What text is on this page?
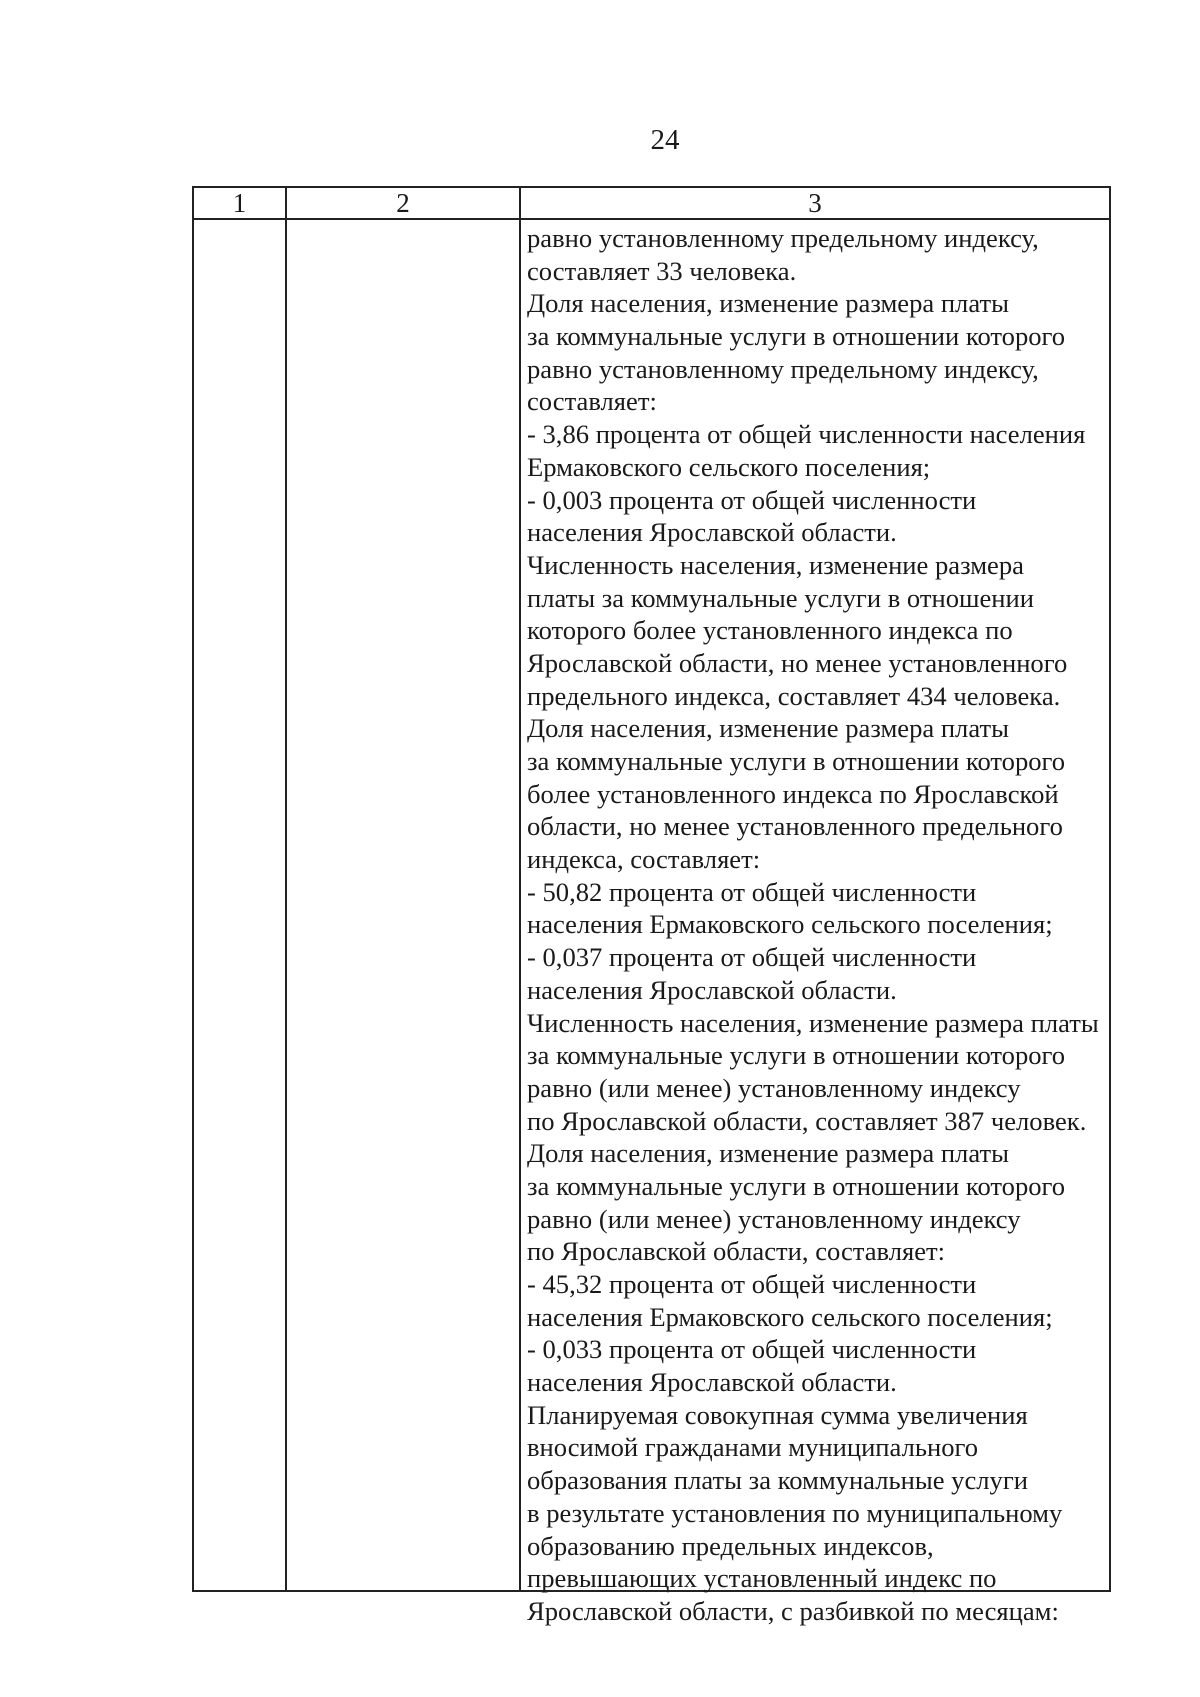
24
1	2	3
равно установленному предельному индексу,
составляет 33 человека.
Доля населения, изменение размера платы
за коммунальные услуги в отношении которого
равно установленному предельному индексу,
составляет:
- 3,86 процента от общей численности населения
Ермаковского сельского поселения;
- 0,003 процента от общей численности
населения Ярославской области.
Численность населения, изменение размера
платы за коммунальные услуги в отношении
которого более установленного индекса по
Ярославской области, но менее установленного
предельного индекса, составляет 434 человека.
Доля населения, изменение размера платы
за коммунальные услуги в отношении которого
более установленного индекса по Ярославской
области, но менее установленного предельного
индекса, составляет:
- 50,82 процента от общей численности
населения Ермаковского сельского поселения;
- 0,037 процента от общей численности
населения Ярославской области.
Численность населения, изменение размера платы
за коммунальные услуги в отношении которого
равно (или менее) установленному индексу
по Ярославской области, составляет 387 человек.
Доля населения, изменение размера платы
за коммунальные услуги в отношении которого
равно (или менее) установленному индексу
по Ярославской области, составляет:
- 45,32 процента от общей численности
населения Ермаковского сельского поселения;
- 0,033 процента от общей численности
населения Ярославской области.
Планируемая совокупная сумма увеличения
вносимой гражданами муниципального
образования платы за коммунальные услуги
в результате установления по муниципальному
образованию предельных индексов,
превышающих установленный индекс по
Ярославской области, с разбивкой по месяцам:
